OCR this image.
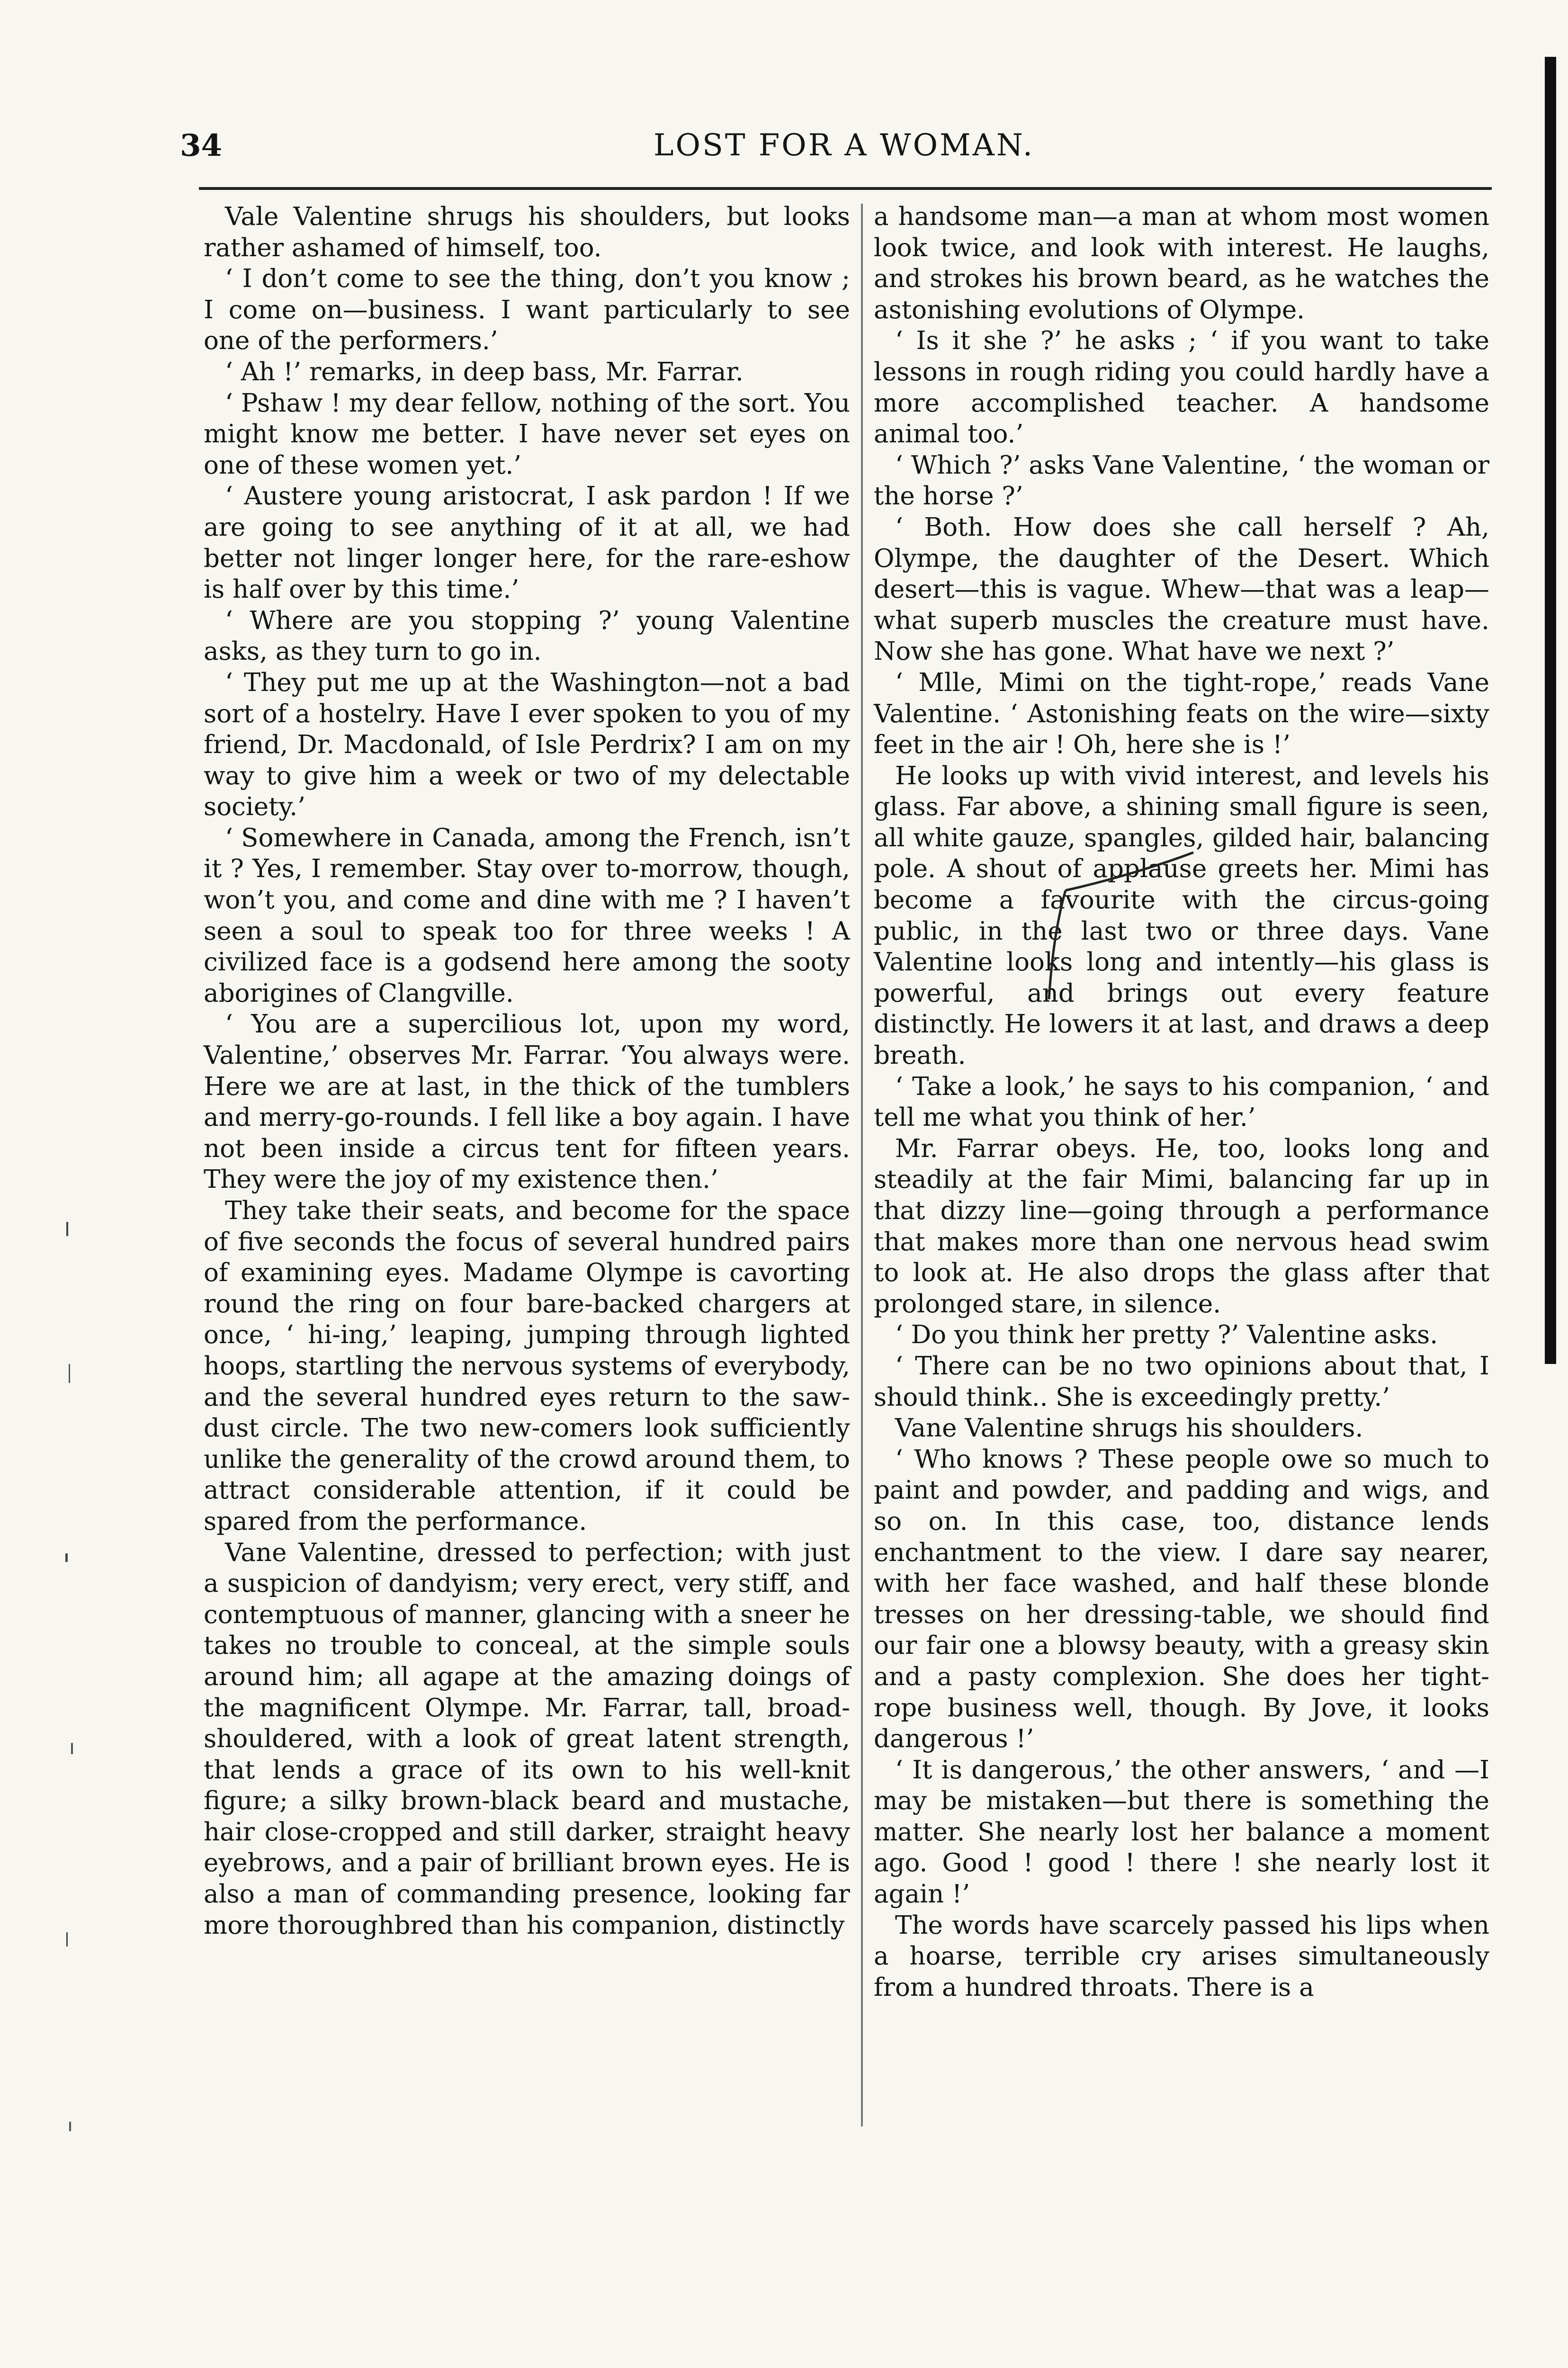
34	LOST FOR A WOMAN.

Vale Valentine shrugs his shoulders, but looks rather ashamed of himself, too.

‘ I don’t come to see the thing, don’t you know ; I come on—business. I want particularly to see one of the performers.’

‘ Ah !’ remarks, in deep bass, Mr. Farrar.

‘ Pshaw ! my dear fellow, nothing of the sort. You might know me better. I have never set eyes on one of these women yet.’

‘ Austere young aristocrat, I ask pardon ! If we are going to see anything of it at all, we had better not linger longer here, for the rare-eshow is half over by this time.’

‘ Where are you stopping ?’ young Valentine asks, as they turn to go in.

‘ They put me up at the Washington—not a bad sort of a hostelry. Have I ever spoken to you of my friend, Dr. Macdonald, of Isle Perdrix? I am on my way to give him a week or two of my delectable society.’

‘ Somewhere in Canada, among the French, isn’t it ? Yes, I remember. Stay over to-morrow, though, won’t you, and come and dine with me ? I haven’t seen a soul to speak too for three weeks ! A civilized face is a godsend here among the sooty aborigines of Clangville.

‘ You are a supercilious lot, upon my word, Valentine,’ observes Mr. Farrar. ‘You always were. Here we are at last, in the thick of the tumblers and merry-go-rounds. I fell like a boy again. I have not been inside a circus tent for fifteen years. They were the joy of my existence then.’

They take their seats, and become for the space of five seconds the focus of several hundred pairs of examining eyes. Madame Olympe is cavorting round the ring on four bare-backed chargers at once, ‘ hi-ing,’ leaping, jumping through lighted hoops, startling the nervous systems of everybody, and the several hundred eyes return to the saw-dust circle. The two new-comers look sufficiently unlike the generality of the crowd around them, to attract considerable attention, if it could be spared from the performance.

Vane Valentine, dressed to perfection; with just a suspicion of dandyism; very erect, very stiff, and contemptuous of manner, glancing with a sneer he takes no trouble to conceal, at the simple souls around him; all agape at the amazing doings of the magnificent Olympe. Mr. Farrar, tall, broad-shouldered, with a look of great latent strength, that lends a grace of its own to his well-knit figure; a silky brown-black beard and mustache, hair close-cropped and still darker, straight heavy eyebrows, and a pair of brilliant brown eyes. He is also a man of commanding presence, looking far more thoroughbred than his companion, distinctly

a handsome man—a man at whom most women look twice, and look with interest. He laughs, and strokes his brown beard, as he watches the astonishing evolutions of Olympe.

‘ Is it she ?’ he asks ; ‘ if you want to take lessons in rough riding you could hardly have a more accomplished teacher. A handsome animal too.’

‘ Which ?’ asks Vane Valentine, ‘ the woman or the horse ?’

‘ Both. How does she call herself ? Ah, Olympe, the daughter of the Desert. Which desert—this is vague. Whew—that was a leap—what superb muscles the creature must have. Now she has gone. What have we next ?’

‘ Mlle, Mimi on the tight-rope,’ reads Vane Valentine. ‘ Astonishing feats on the wire—sixty feet in the air ! Oh, here she is !’

He looks up with vivid interest, and levels his glass. Far above, a shining small figure is seen, all white gauze, spangles, gilded hair, balancing pole. A shout of applause greets her. Mimi has become a favourite with the circus-going public, in the last two or three days. Vane Valentine looks long and intently—his glass is powerful, and brings out every feature distinctly. He lowers it at last, and draws a deep breath.

‘ Take a look,’ he says to his companion, ‘ and tell me what you think of her.’

Mr. Farrar obeys. He, too, looks long and steadily at the fair Mimi, balancing far up in that dizzy line—going through a performance that makes more than one nervous head swim to look at. He also drops the glass after that prolonged stare, in silence.

‘ Do you think her pretty ?’ Valentine asks.

‘ There can be no two opinions about that, I should think.. She is exceedingly pretty.’

Vane Valentine shrugs his shoulders.

‘ Who knows ? These people owe so much to paint and powder, and padding and wigs, and so on. In this case, too, distance lends enchantment to the view. I dare say nearer, with her face washed, and half these blonde tresses on her dressing-table, we should find our fair one a blowsy beauty, with a greasy skin and a pasty complexion. She does her tight-rope business well, though. By Jove, it looks dangerous !’

‘ It is dangerous,’ the other answers, ‘ and —I may be mistaken—but there is something the matter. She nearly lost her balance a moment ago. Good ! good ! there ! she nearly lost it again !’

The words have scarcely passed his lips when a hoarse, terrible cry arises simultaneously from a hundred throats. There is a
